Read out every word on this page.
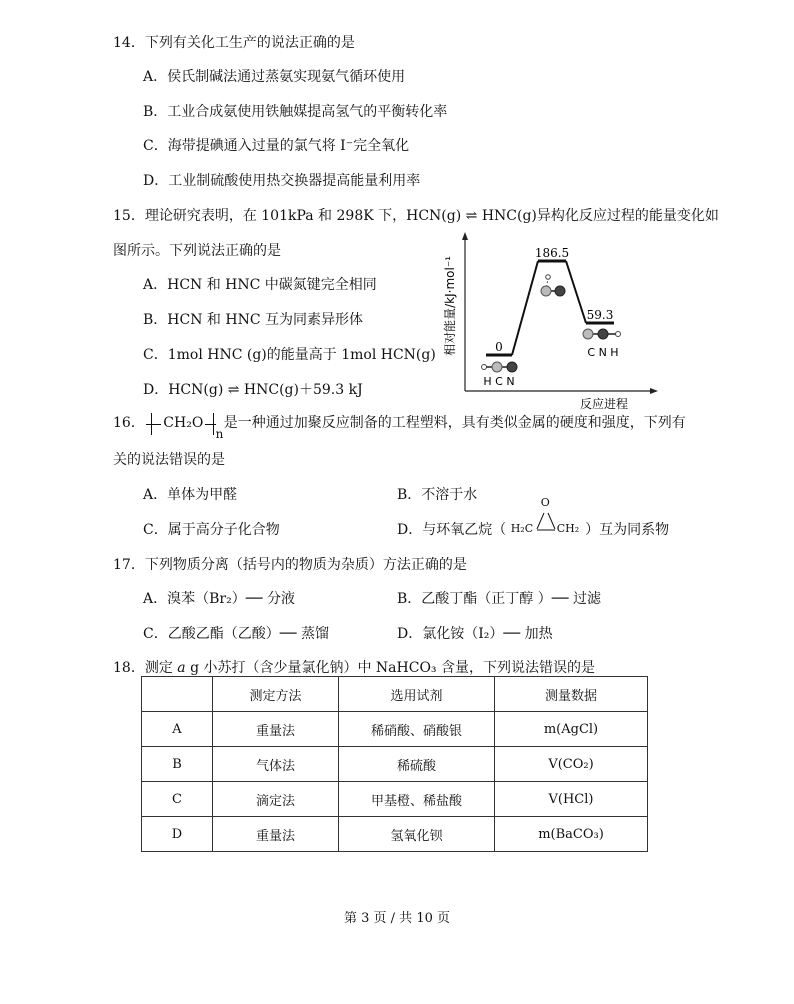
14．下列有关化工生产的说法正确的是
A．侯氏制碱法通过蒸氨实现氨气循环使用
B．工业合成氨使用铁触媒提高氢气的平衡转化率
C．海带提碘通入过量的氯气将 I⁻完全氧化
D．工业制硫酸使用热交换器提高能量利用率
15．理论研究表明，在 101kPa 和 298K 下，HCN(g) ⇌ HNC(g)异构化反应过程的能量变化如
图所示。下列说法正确的是
A．HCN 和 HNC 中碳氮键完全相同
B．HCN 和 HNC 互为同素异形体
C．1mol HNC (g)的能量高于 1mol HCN(g)
D．HCN(g) ⇌ HNC(g)＋59.3 kJ
相对能量/kJ·mol⁻¹
反应进程
0
186.5
59.3
H C N
C N H
16． CH₂O
n
是一种通过加聚反应制备的工程塑料，具有类似金属的硬度和强度，下列有
关的说法错误的是
A．单体为甲醛	B．不溶于水
C．属于高分子化合物	D．与环氧乙烷（
O
H₂C CH₂ ）互为同系物
17．下列物质分离（括号内的物质为杂质）方法正确的是
A．溴苯（Br₂）── 分液	B．乙酸丁酯（正丁醇 ）── 过滤
C．乙酸乙酯（乙酸）── 蒸馏	D．氯化铵（I₂）── 加热
18．测定 a g 小苏打（含少量氯化钠）中 NaHCO₃ 含量，下列说法错误的是
	测定方法	选用试剂	测量数据
A	重量法	稀硝酸、硝酸银	m(AgCl)
B	气体法	稀硫酸	V(CO₂)
C	滴定法	甲基橙、稀盐酸	V(HCl)
D	重量法	氢氧化钡	m(BaCO₃)
第 3 页 / 共 10 页
